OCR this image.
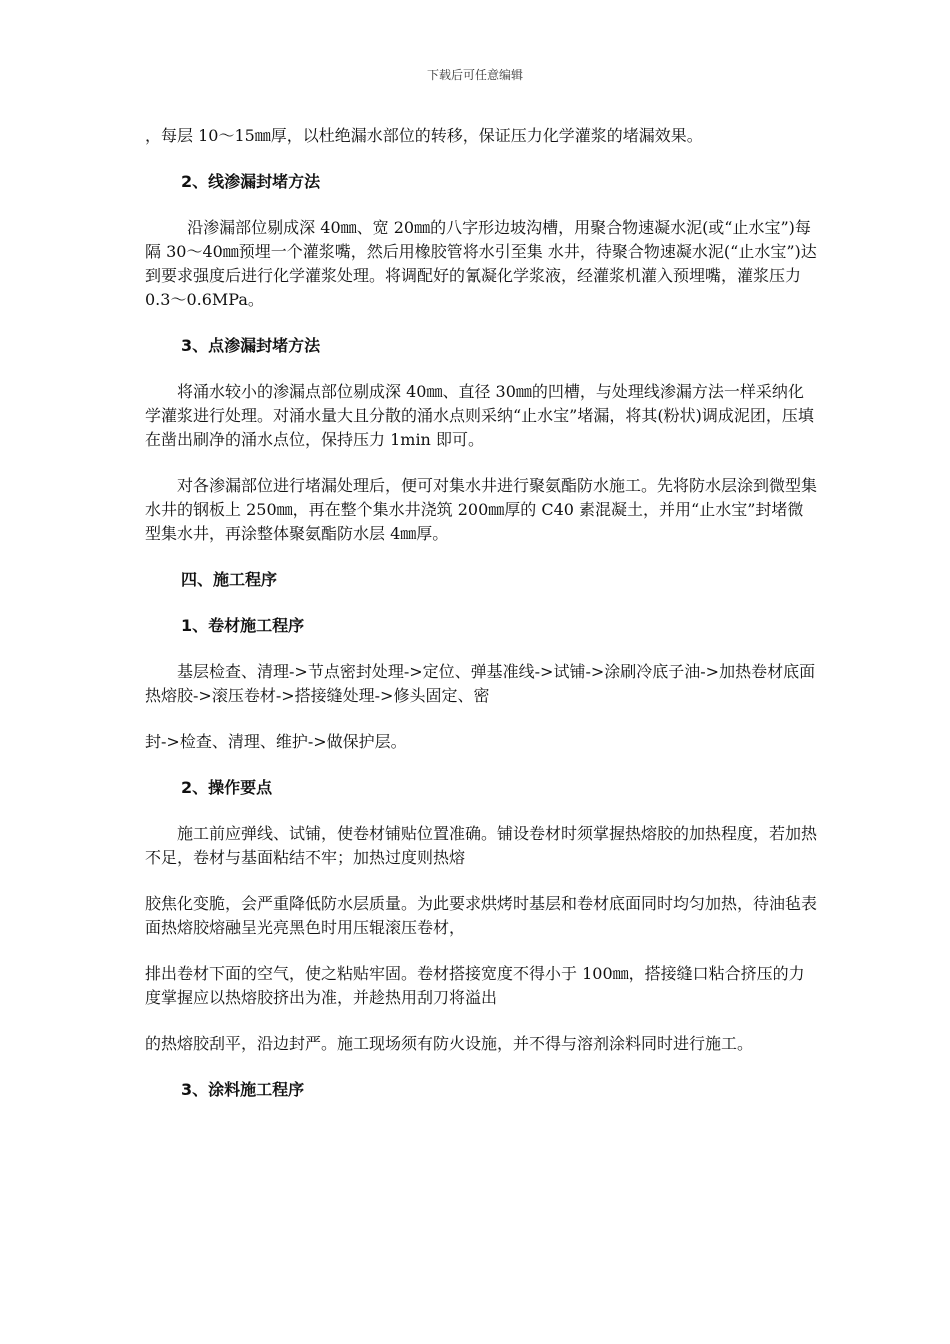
下载后可任意编辑

，每层 10～15㎜厚，以杜绝漏水部位的转移，保证压力化学灌浆的堵漏效果。

2、线渗漏封堵方法

沿渗漏部位剔成深 40㎜、宽 20㎜的八字形边坡沟槽，用聚合物速凝水泥(或“止水宝”)每隔 30～40㎜预埋一个灌浆嘴，然后用橡胶管将水引至集 水井，待聚合物速凝水泥(“止水宝”)达到要求强度后进行化学灌浆处理。将调配好的氰凝化学浆液，经灌浆机灌入预埋嘴，灌浆压力 0.3～0.6MPa。

3、点渗漏封堵方法

将涌水较小的渗漏点部位剔成深 40㎜、直径 30㎜的凹槽，与处理线渗漏方法一样采纳化学灌浆进行处理。对涌水量大且分散的涌水点则采纳“止水宝”堵漏，将其(粉状)调成泥团，压填在凿出刷净的涌水点位，保持压力 1min 即可。

对各渗漏部位进行堵漏处理后，便可对集水井进行聚氨酯防水施工。先将防水层涂到微型集水井的钢板上 250㎜，再在整个集水井浇筑 200㎜厚的 C40 素混凝土，并用“止水宝”封堵微型集水井，再涂整体聚氨酯防水层 4㎜厚。

四、施工程序

1、卷材施工程序

基层检查、清理->节点密封处理->定位、弹基准线->试铺->涂刷冷底子油->加热卷材底面热熔胶->滚压卷材->搭接缝处理->修头固定、密

封->检查、清理、维护->做保护层。

2、操作要点

施工前应弹线、试铺，使卷材铺贴位置准确。铺设卷材时须掌握热熔胶的加热程度，若加热不足，卷材与基面粘结不牢；加热过度则热熔

胶焦化变脆，会严重降低防水层质量。为此要求烘烤时基层和卷材底面同时均匀加热，待油毡表面热熔胶熔融呈光亮黑色时用压辊滚压卷材，

排出卷材下面的空气，使之粘贴牢固。卷材搭接宽度不得小于 100㎜，搭接缝口粘合挤压的力度掌握应以热熔胶挤出为准，并趁热用刮刀将溢出

的热熔胶刮平，沿边封严。施工现场须有防火设施，并不得与溶剂涂料同时进行施工。

3、涂料施工程序
